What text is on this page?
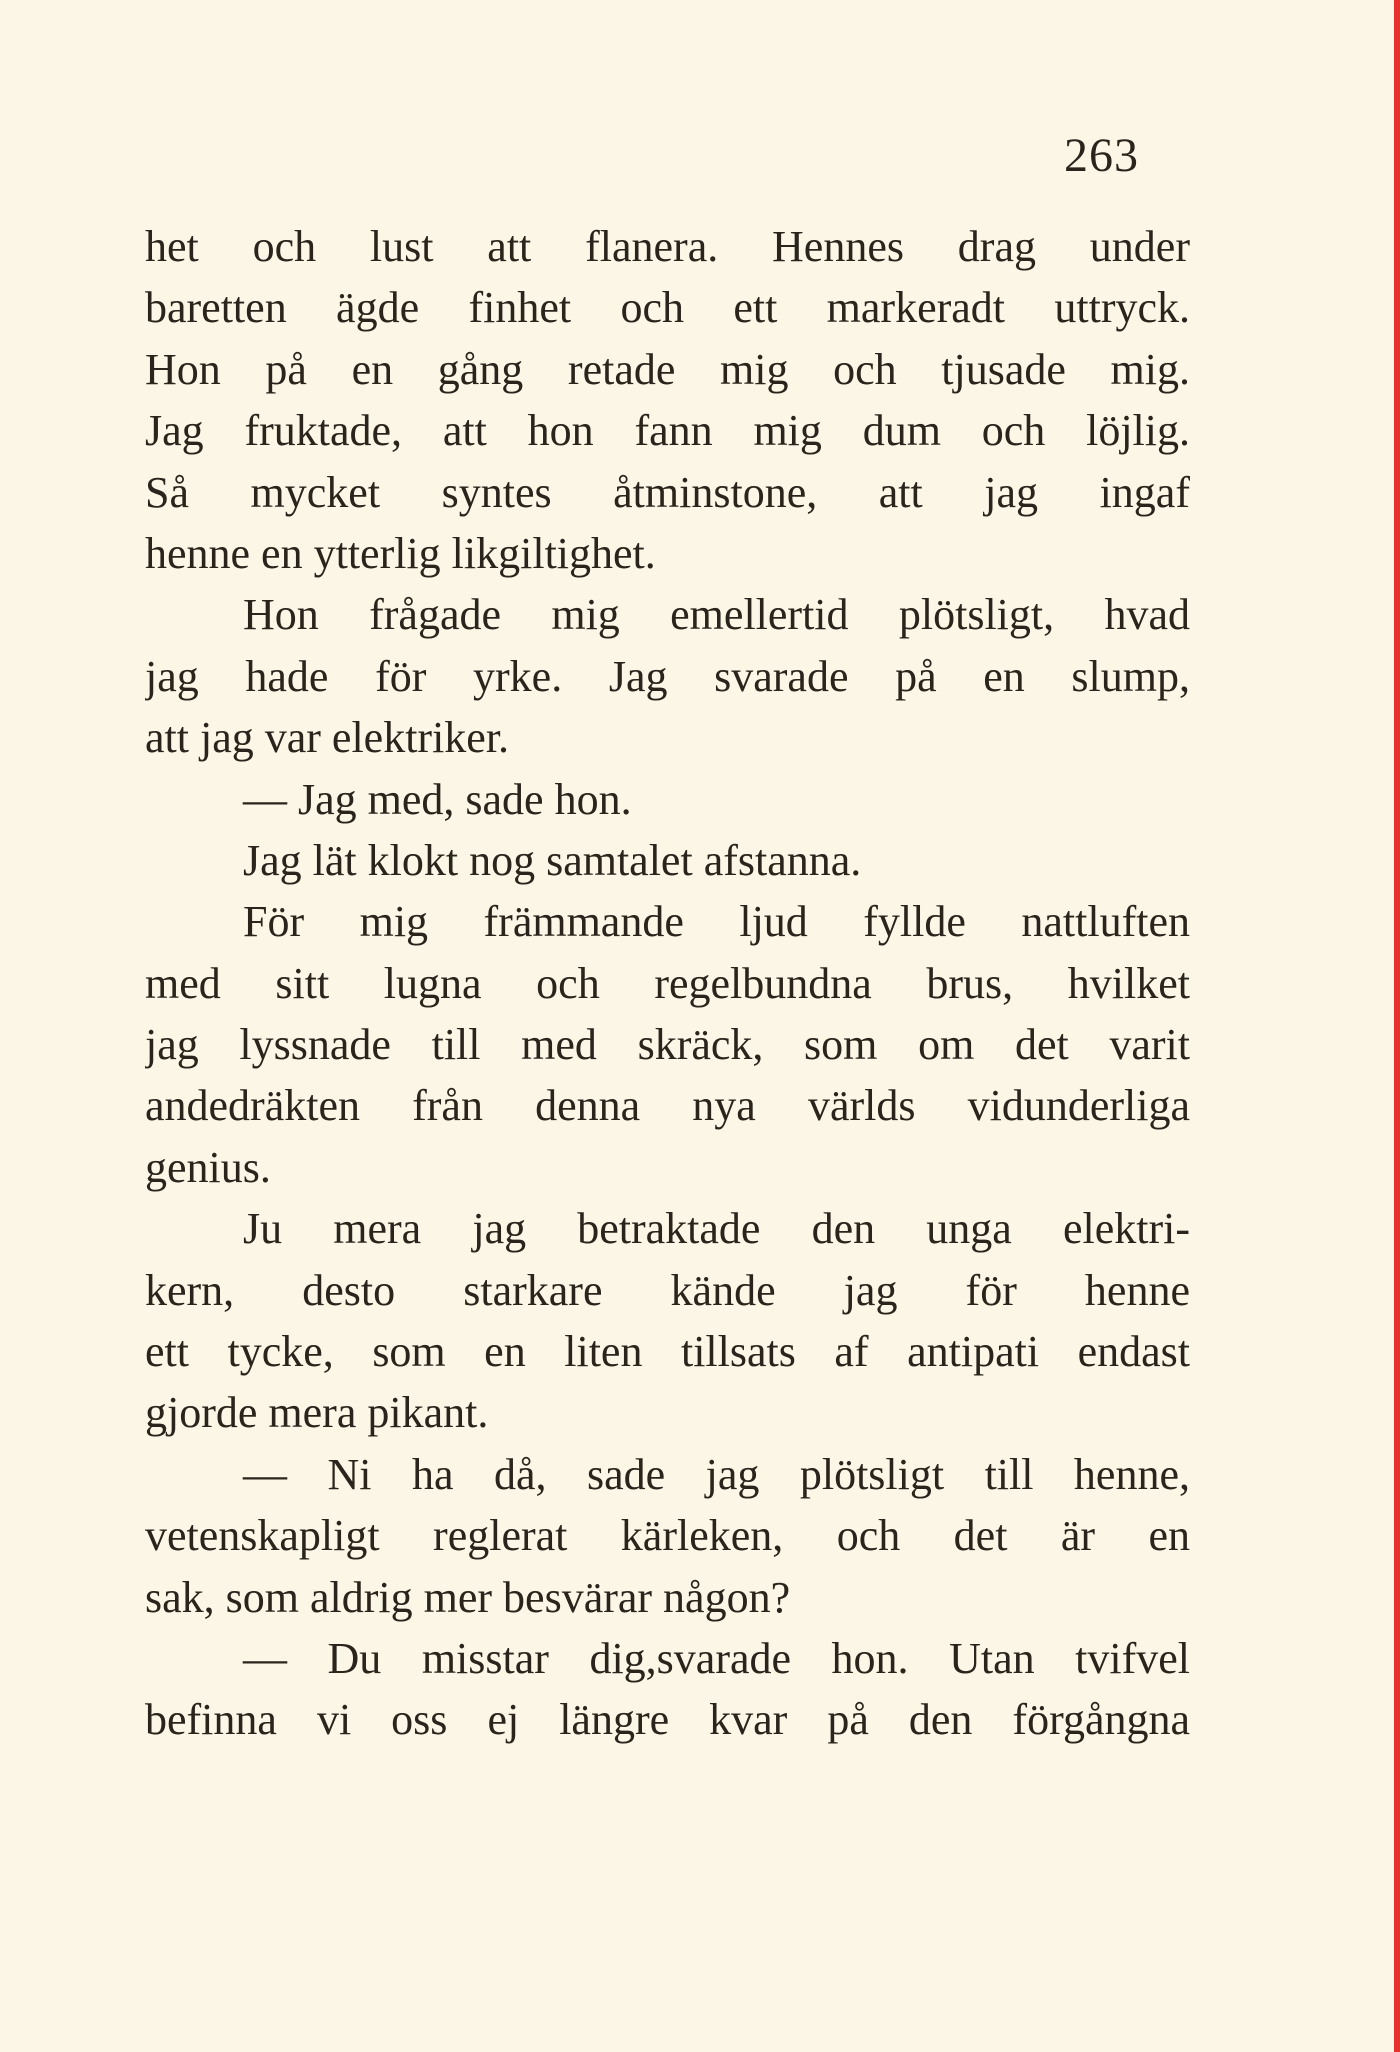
263
het och lust att flanera. Hennes drag under
baretten ägde finhet och ett markeradt uttryck.
Hon på en gång retade mig och tjusade mig.
Jag fruktade, att hon fann mig dum och löjlig.
Så mycket syntes åtminstone, att jag ingaf
henne en ytterlig likgiltighet.
Hon frågade mig emellertid plötsligt, hvad
jag hade för yrke. Jag svarade på en slump,
att jag var elektriker.
— Jag med, sade hon.
Jag lät klokt nog samtalet afstanna.
För mig främmande ljud fyllde nattluften
med sitt lugna och regelbundna brus, hvilket
jag lyssnade till med skräck, som om det varit
andedräkten från denna nya världs vidunderliga
genius.
Ju mera jag betraktade den unga elektri-
kern, desto starkare kände jag för henne
ett tycke, som en liten tillsats af antipati endast
gjorde mera pikant.
— Ni ha då, sade jag plötsligt till henne,
vetenskapligt reglerat kärleken, och det är en
sak, som aldrig mer besvärar någon?
— Du misstar dig,svarade hon. Utan tvifvel
befinna vi oss ej längre kvar på den förgångna
